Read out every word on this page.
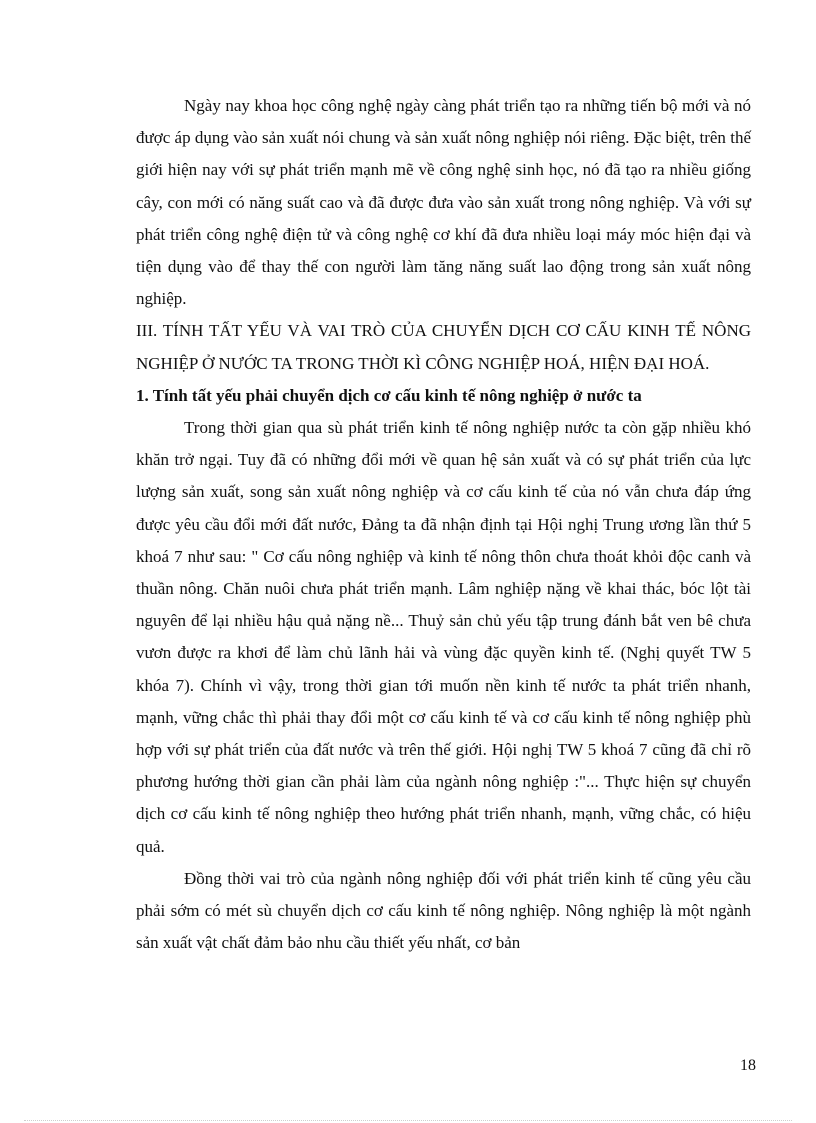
Ngày nay khoa học công nghệ ngày càng phát triển tạo ra những tiến bộ mới và nó được áp dụng vào sản xuất nói chung và sản xuất nông nghiệp nói riêng. Đặc biệt, trên thế giới hiện nay với sự phát triển mạnh mẽ về công nghệ sinh học, nó đã tạo ra nhiều giống cây, con mới có năng suất cao và đã được đưa vào sản xuất trong nông nghiệp. Và với sự phát triển công nghệ điện tử và công nghệ cơ khí đã đưa nhiều loại máy móc hiện đại và tiện dụng vào để thay thế con người làm tăng năng suất lao động trong sản xuất nông nghiệp.

III. TÍNH TẤT YẾU VÀ VAI TRÒ CỦA CHUYỂN DỊCH CƠ CẤU KINH TẾ NÔNG NGHIỆP Ở NƯỚC TA TRONG THỜI KÌ CÔNG NGHIỆP HOÁ, HIỆN ĐẠI HOÁ.

1. Tính tất yếu phải chuyển dịch cơ cấu kinh tế nông nghiệp ở nước ta

Trong thời gian qua sù phát triển kinh tế nông nghiệp nước ta còn gặp nhiều khó khăn trở ngại. Tuy đã có những đổi mới về quan hệ sản xuất và có sự phát triển của lực lượng sản xuất, song sản xuất nông nghiệp và cơ cấu kinh tế của nó vẫn chưa đáp ứng được yêu cầu đổi mới đất nước, Đảng ta đã nhận định tại Hội nghị Trung ương lần thứ 5 khoá 7 như sau: " Cơ cấu nông nghiệp và kinh tế nông thôn chưa thoát khỏi độc canh và thuần nông. Chăn nuôi chưa phát triển mạnh. Lâm nghiệp nặng về khai thác, bóc lột tài nguyên để lại nhiều hậu quả nặng nề... Thuỷ sản chủ yếu tập trung đánh bắt ven bê chưa vươn được ra khơi để làm chủ lãnh hải và vùng đặc quyền kinh tế. (Nghị quyết TW 5 khóa 7). Chính vì vậy, trong thời gian tới muốn nền kinh tế nước ta phát triển nhanh, mạnh, vững chắc thì phải thay đổi một cơ cấu kinh tế và cơ cấu kinh tế nông nghiệp phù hợp với sự phát triển của đất nước và trên thế giới. Hội nghị TW 5 khoá 7 cũng đã chỉ rõ phương hướng thời gian cần phải làm của ngành nông nghiệp :"... Thực hiện sự chuyển dịch cơ cấu kinh tế nông nghiệp theo hướng phát triển nhanh, mạnh, vững chắc, có hiệu quả.

Đồng thời vai trò của ngành nông nghiệp đối với phát triển kinh tế cũng yêu cầu phải sớm có mét sù chuyển dịch cơ cấu kinh tế nông nghiệp. Nông nghiệp là một ngành sản xuất vật chất đảm bảo nhu cầu thiết yếu nhất, cơ bản

18
